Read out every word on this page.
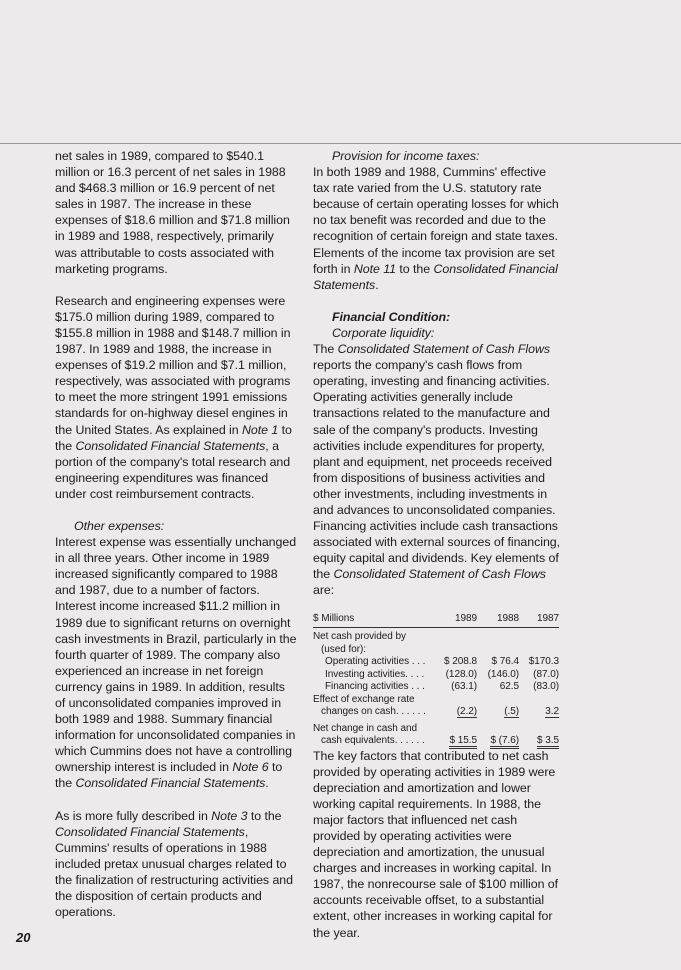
net sales in 1989, compared to $540.1 million or 16.3 percent of net sales in 1988 and $468.3 million or 16.9 percent of net sales in 1987. The increase in these expenses of $18.6 million and $71.8 million in 1989 and 1988, respectively, primarily was attributable to costs associated with marketing programs.

Research and engineering expenses were $175.0 million during 1989, compared to $155.8 million in 1988 and $148.7 million in 1987. In 1989 and 1988, the increase in expenses of $19.2 million and $7.1 million, respectively, was associated with programs to meet the more stringent 1991 emissions standards for on-highway diesel engines in the United States. As explained in Note 1 to the Consolidated Financial Statements, a portion of the company's total research and engineering expenditures was financed under cost reimbursement contracts.

Other expenses:

Interest expense was essentially unchanged in all three years. Other income in 1989 increased significantly compared to 1988 and 1987, due to a number of factors. Interest income increased $11.2 million in 1989 due to significant returns on overnight cash investments in Brazil, particularly in the fourth quarter of 1989. The company also experienced an increase in net foreign currency gains in 1989. In addition, results of unconsolidated companies improved in both 1989 and 1988. Summary financial information for unconsolidated companies in which Cummins does not have a controlling ownership interest is included in Note 6 to the Consolidated Financial Statements.

As is more fully described in Note 3 to the Consolidated Financial Statements, Cummins' results of operations in 1988 included pretax unusual charges related to the finalization of restructuring activities and the disposition of certain products and operations.

Provision for income taxes:

In both 1989 and 1988, Cummins' effective tax rate varied from the U.S. statutory rate because of certain operating losses for which no tax benefit was recorded and due to the recognition of certain foreign and state taxes. Elements of the income tax provision are set forth in Note 11 to the Consolidated Financial Statements.

Financial Condition:
Corporate liquidity:

The Consolidated Statement of Cash Flows reports the company's cash flows from operating, investing and financing activities. Operating activities generally include transactions related to the manufacture and sale of the company's products. Investing activities include expenditures for property, plant and equipment, net proceeds received from dispositions of business activities and other investments, including investments in and advances to unconsolidated companies. Financing activities include cash transactions associated with external sources of financing, equity capital and dividends. Key elements of the Consolidated Statement of Cash Flows are:

$ Millions	1989	1988	1987
Net cash provided by			
(used for):			
Operating activities . . .	$ 208.8	$ 76.4	$170.3
Investing activities. . . .	(128.0)	(146.0)	(87.0)
Financing activities . . .	(63.1)	62.5	(83.0)
Effect of exchange rate			
changes on cash. . . . . .	(2.2)	(.5)	3.2

Net change in cash and			
cash equivalents. . . . . .	$ 15.5	$ (7.6)	$ 3.5

The key factors that contributed to net cash provided by operating activities in 1989 were depreciation and amortization and lower working capital requirements. In 1988, the major factors that influenced net cash provided by operating activities were depreciation and amortization, the unusual charges and increases in working capital. In 1987, the nonrecourse sale of $100 million of accounts receivable offset, to a substantial extent, other increases in working capital for the year.

20
